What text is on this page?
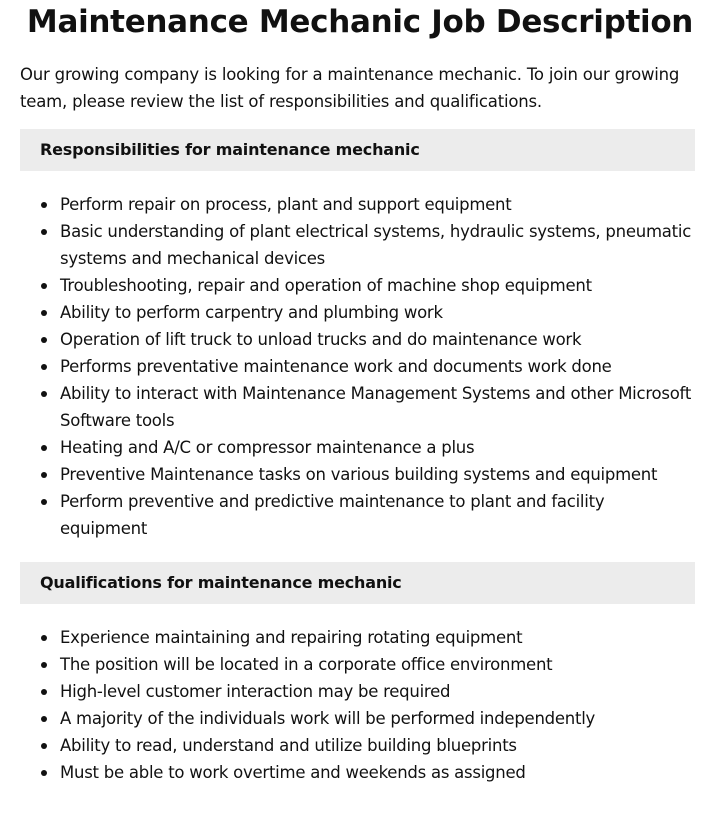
Maintenance Mechanic Job Description

Our growing company is looking for a maintenance mechanic. To join our growing team, please review the list of responsibilities and qualifications.

Responsibilities for maintenance mechanic
Perform repair on process, plant and support equipment
Basic understanding of plant electrical systems, hydraulic systems, pneumatic systems and mechanical devices
Troubleshooting, repair and operation of machine shop equipment
Ability to perform carpentry and plumbing work
Operation of lift truck to unload trucks and do maintenance work
Performs preventative maintenance work and documents work done
Ability to interact with Maintenance Management Systems and other Microsoft Software tools
Heating and A/C or compressor maintenance a plus
Preventive Maintenance tasks on various building systems and equipment
Perform preventive and predictive maintenance to plant and facility equipment
Qualifications for maintenance mechanic
Experience maintaining and repairing rotating equipment
The position will be located in a corporate office environment
High-level customer interaction may be required
A majority of the individuals work will be performed independently
Ability to read, understand and utilize building blueprints
Must be able to work overtime and weekends as assigned
